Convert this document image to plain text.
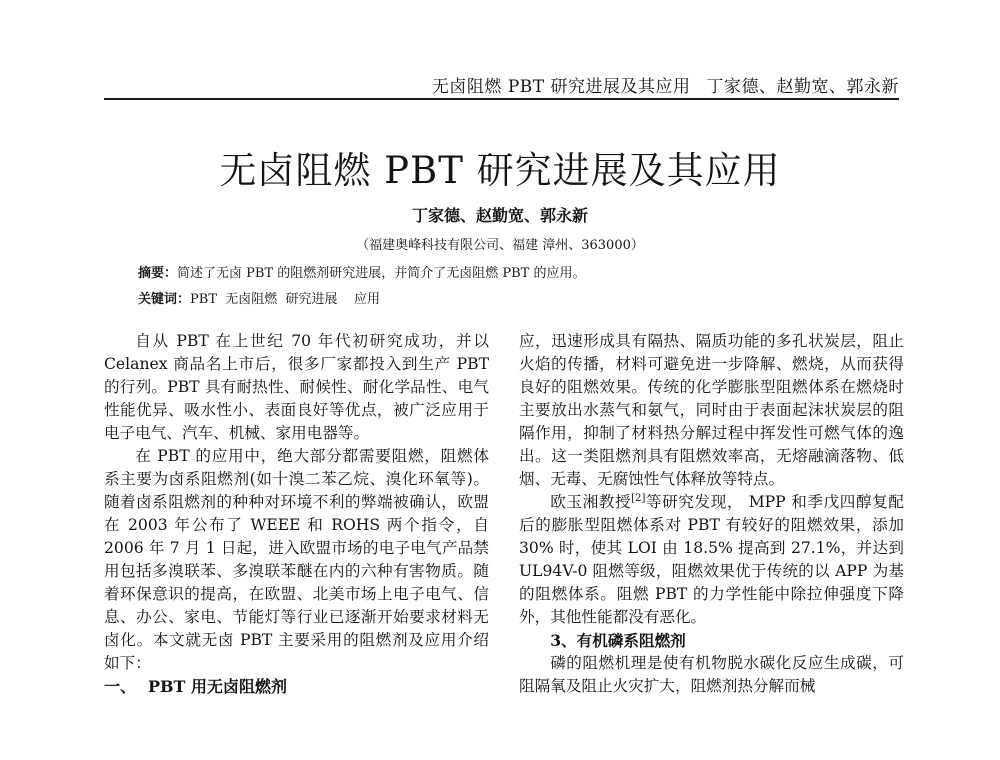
无卤阻燃 PBT 研究进展及其应用 丁家德、赵勤宽、郭永新
无卤阻燃 PBT 研究进展及其应用
丁家德、赵勤宽、郭永新
（福建奥峰科技有限公司、福建 漳州、363000）
摘要：简述了无卤 PBT 的阻燃剂研究进展，并简介了无卤阻燃 PBT 的应用。
关键词：PBT  无卤阻燃  研究进展    应用

自从 PBT 在上世纪 70 年代初研究成功，并以 Celanex 商品名上市后，很多厂家都投入到生产 PBT 的行列。PBT 具有耐热性、耐候性、耐化学品性、电气性能优异、吸水性小、表面良好等优点，被广泛应用于电子电气、汽车、机械、家用电器等。

在 PBT 的应用中，绝大部分都需要阻燃，阻燃体系主要为卤系阻燃剂(如十溴二苯乙烷、溴化环氧等)。随着卤系阻燃剂的种种对环境不利的弊端被确认，欧盟在 2003 年公布了 WEEE 和 ROHS 两个指令，自 2006 年 7 月 1 日起，进入欧盟市场的电子电气产品禁用包括多溴联苯、多溴联苯醚在内的六种有害物质。随着环保意识的提高，在欧盟、北美市场上电子电气、信息、办公、家电、节能灯等行业已逐渐开始要求材料无卤化。本文就无卤 PBT 主要采用的阻燃剂及应用介绍如下：

一、 PBT 用无卤阻燃剂

应，迅速形成具有隔热、隔质功能的多孔状炭层，阻止火焰的传播，材料可避免进一步降解、燃烧，从而获得良好的阻燃效果。传统的化学膨胀型阻燃体系在燃烧时主要放出水蒸气和氨气，同时由于表面起沫状炭层的阻隔作用，抑制了材料热分解过程中挥发性可燃气体的逸出。这一类阻燃剂具有阻燃效率高，无熔融滴落物、低烟、无毒、无腐蚀性气体释放等特点。

欧玉湘教授[2]等研究发现， MPP 和季戊四醇复配后的膨胀型阻燃体系对 PBT 有较好的阻燃效果，添加 30% 时，使其 LOI 由 18.5% 提高到 27.1%，并达到 UL94V-0 阻燃等级，阻燃效果优于传统的以 APP 为基的阻燃体系。阻燃 PBT 的力学性能中除拉伸强度下降外，其他性能都没有恶化。

3、有机磷系阻燃剂

磷的阻燃机理是使有机物脱水碳化反应生成碳，可阻隔氧及阻止火灾扩大，阻燃剂热分解而械
